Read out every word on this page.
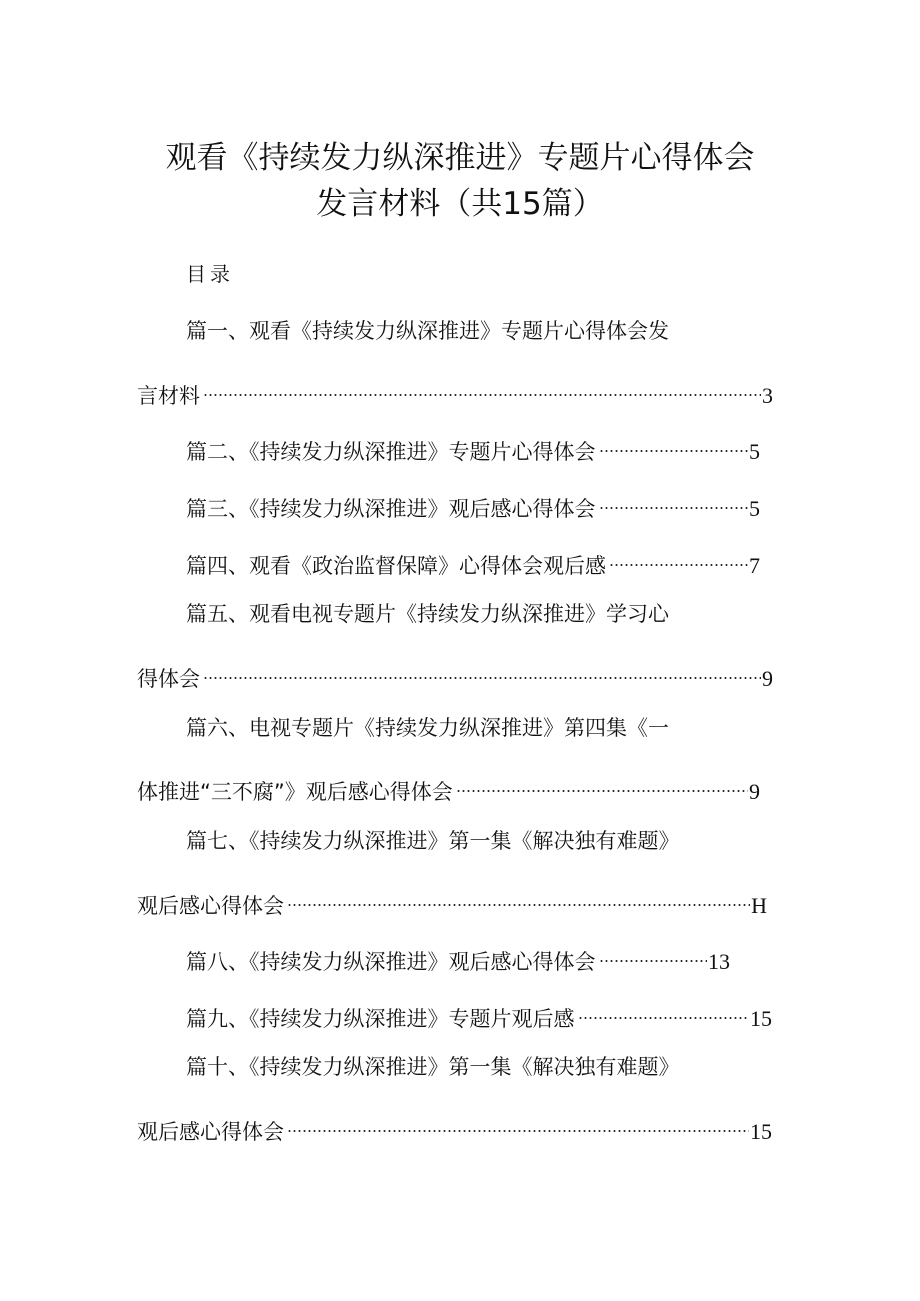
观看《持续发力纵深推进》专题片心得体会
发言材料（共15篇）
目录
篇一、观看《持续发力纵深推进》专题片心得体会发
言材料	3
篇二、《持续发力纵深推进》专题片心得体会	5
篇三、《持续发力纵深推进》观后感心得体会	5
篇四、观看《政治监督保障》心得体会观后感	7
篇五、观看电视专题片《持续发力纵深推进》学习心
得体会	9
篇六、电视专题片《持续发力纵深推进》第四集《一
体推进“三不腐”》观后感心得体会	9
篇七、《持续发力纵深推进》第一集《解决独有难题》
观后感心得体会	H
篇八、《持续发力纵深推进》观后感心得体会	13
篇九、《持续发力纵深推进》专题片观后感	15
篇十、《持续发力纵深推进》第一集《解决独有难题》
观后感心得体会	15
